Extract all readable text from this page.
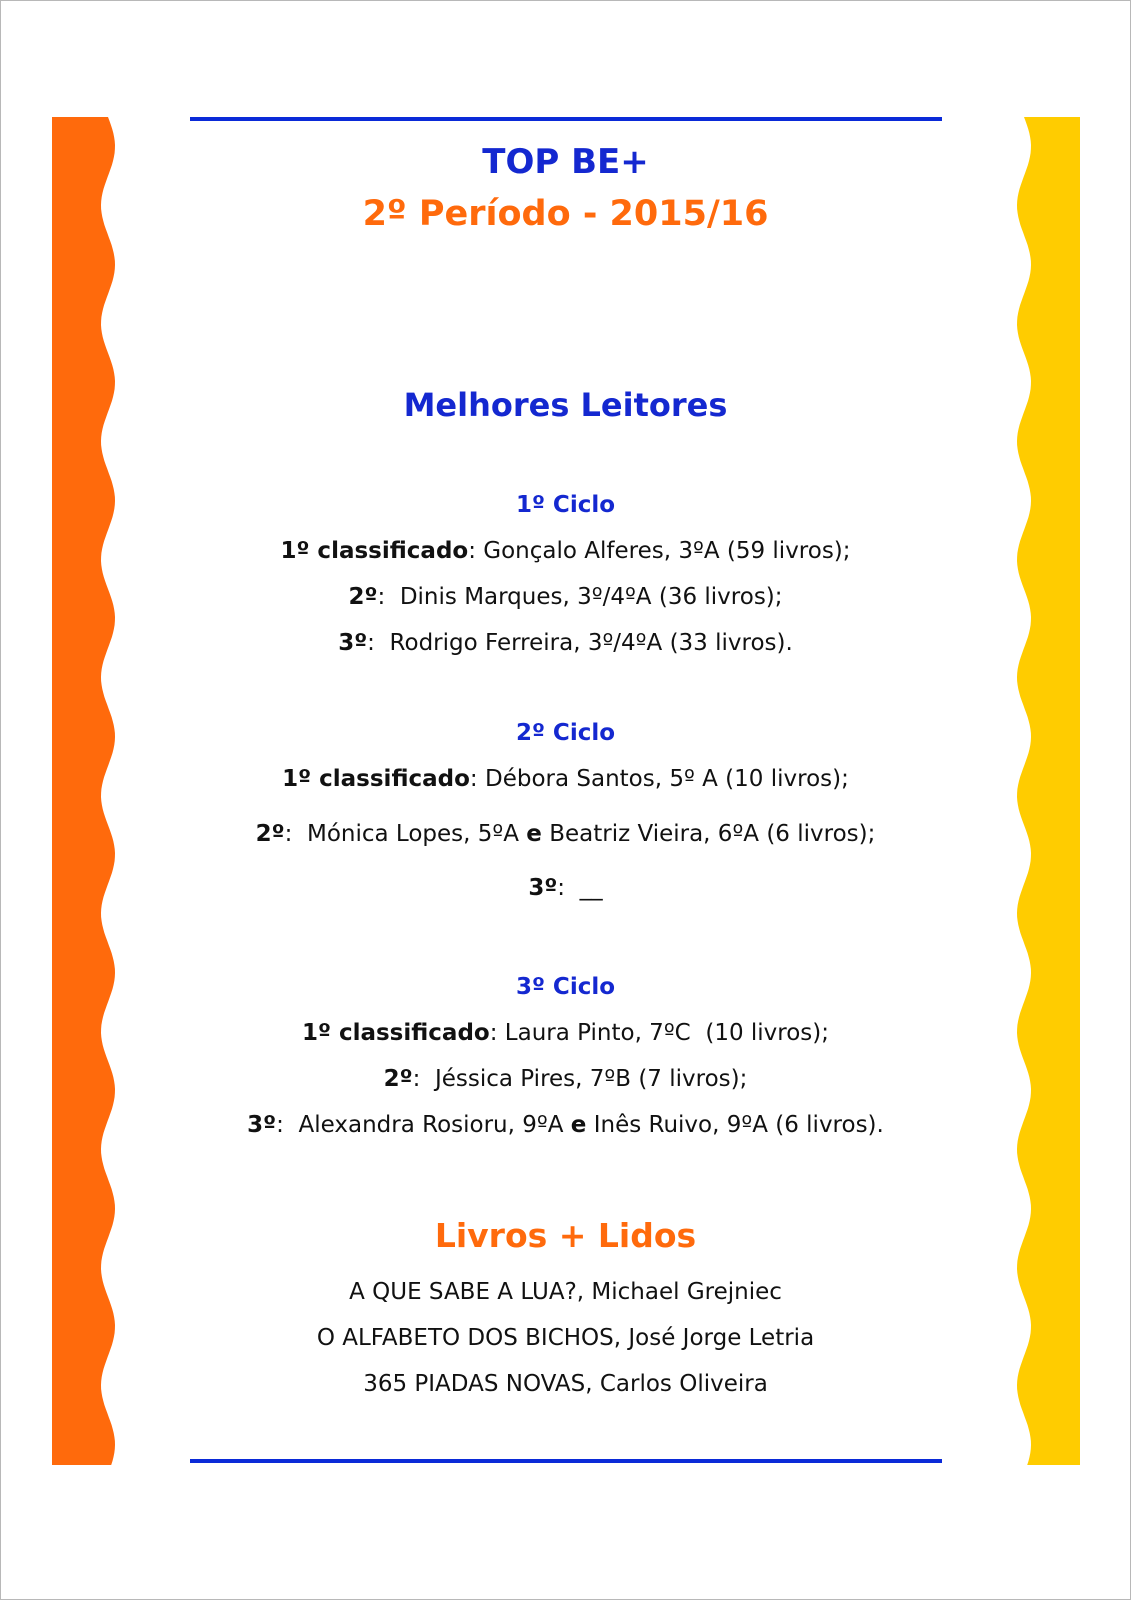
TOP BE+
2º Período - 2015/16
Melhores Leitores
1º Ciclo
1º classificado: Gonçalo Alferes, 3ºA (59 livros);
2º:  Dinis Marques, 3º/4ºA (36 livros);
3º:  Rodrigo Ferreira, 3º/4ºA (33 livros).
2º Ciclo
1º classificado: Débora Santos, 5º A (10 livros);
2º:  Mónica Lopes, 5ºA e Beatriz Vieira, 6ºA (6 livros);
3º:  __
3º Ciclo
1º classificado: Laura Pinto, 7ºC  (10 livros);
2º:  Jéssica Pires, 7ºB (7 livros);
3º:  Alexandra Rosioru, 9ºA e Inês Ruivo, 9ºA (6 livros).
Livros + Lidos
A QUE SABE A LUA?, Michael Grejniec
O ALFABETO DOS BICHOS, José Jorge Letria
365 PIADAS NOVAS, Carlos Oliveira
